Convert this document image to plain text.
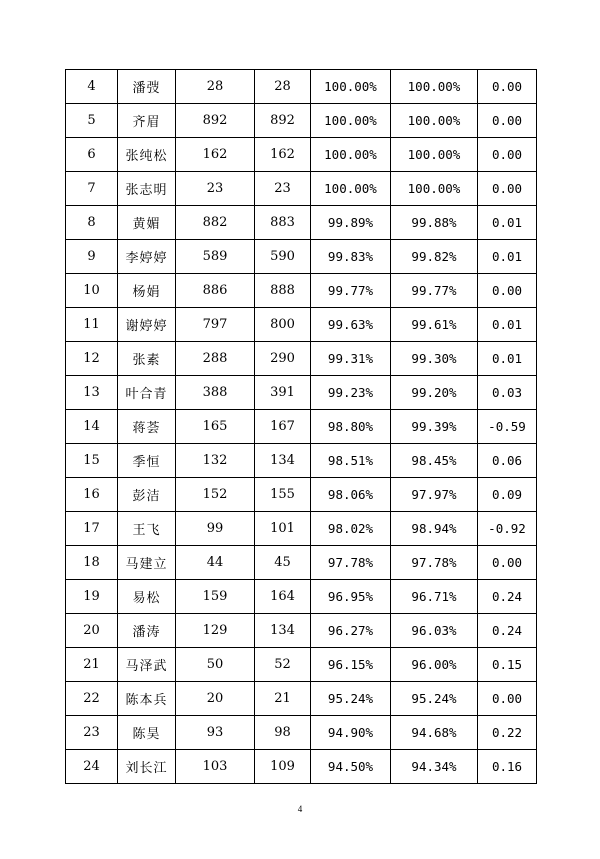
4	潘弢	28	28	100.00%	100.00%	0.00
5	齐眉	892	892	100.00%	100.00%	0.00
6	张纯松	162	162	100.00%	100.00%	0.00
7	张志明	23	23	100.00%	100.00%	0.00
8	黄媚	882	883	99.89%	99.88%	0.01
9	李婷婷	589	590	99.83%	99.82%	0.01
10	杨娟	886	888	99.77%	99.77%	0.00
11	谢婷婷	797	800	99.63%	99.61%	0.01
12	张素	288	290	99.31%	99.30%	0.01
13	叶合青	388	391	99.23%	99.20%	0.03
14	蒋荟	165	167	98.80%	99.39%	-0.59
15	季恒	132	134	98.51%	98.45%	0.06
16	彭洁	152	155	98.06%	97.97%	0.09
17	王飞	99	101	98.02%	98.94%	-0.92
18	马建立	44	45	97.78%	97.78%	0.00
19	易松	159	164	96.95%	96.71%	0.24
20	潘涛	129	134	96.27%	96.03%	0.24
21	马泽武	50	52	96.15%	96.00%	0.15
22	陈本兵	20	21	95.24%	95.24%	0.00
23	陈昊	93	98	94.90%	94.68%	0.22
24	刘长江	103	109	94.50%	94.34%	0.16
4
